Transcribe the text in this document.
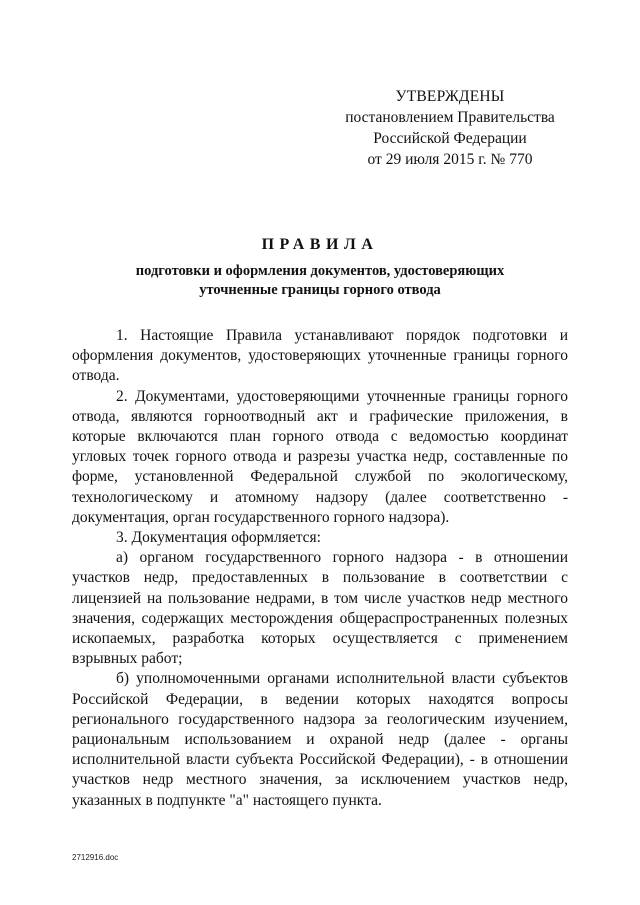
УТВЕРЖДЕНЫ
постановлением Правительства
Российской Федерации
от 29 июля 2015 г. № 770
ПРАВИЛА
подготовки и оформления документов, удостоверяющих
уточненные границы горного отвода

1. Настоящие Правила устанавливают порядок подготовки и оформления документов, удостоверяющих уточненные границы горного отвода.

2. Документами, удостоверяющими уточненные границы горного отвода, являются горноотводный акт и графические приложения, в которые включаются план горного отвода с ведомостью координат угловых точек горного отвода и разрезы участка недр, составленные по форме, установленной Федеральной службой по экологическому, технологическому и атомному надзору (далее соответственно - документация, орган государственного горного надзора).

3. Документация оформляется:

а) органом государственного горного надзора - в отношении участков недр, предоставленных в пользование в соответствии с лицензией на пользование недрами, в том числе участков недр местного значения, содержащих месторождения общераспространенных полезных ископаемых, разработка которых осуществляется с применением взрывных работ;

б) уполномоченными органами исполнительной власти субъектов Российской Федерации, в ведении которых находятся вопросы регионального государственного надзора за геологическим изучением, рациональным использованием и охраной недр (далее - органы исполнительной власти субъекта Российской Федерации), - в отношении участков недр местного значения, за исключением участков недр, указанных в подпункте "а" настоящего пункта.

2712916.doc
